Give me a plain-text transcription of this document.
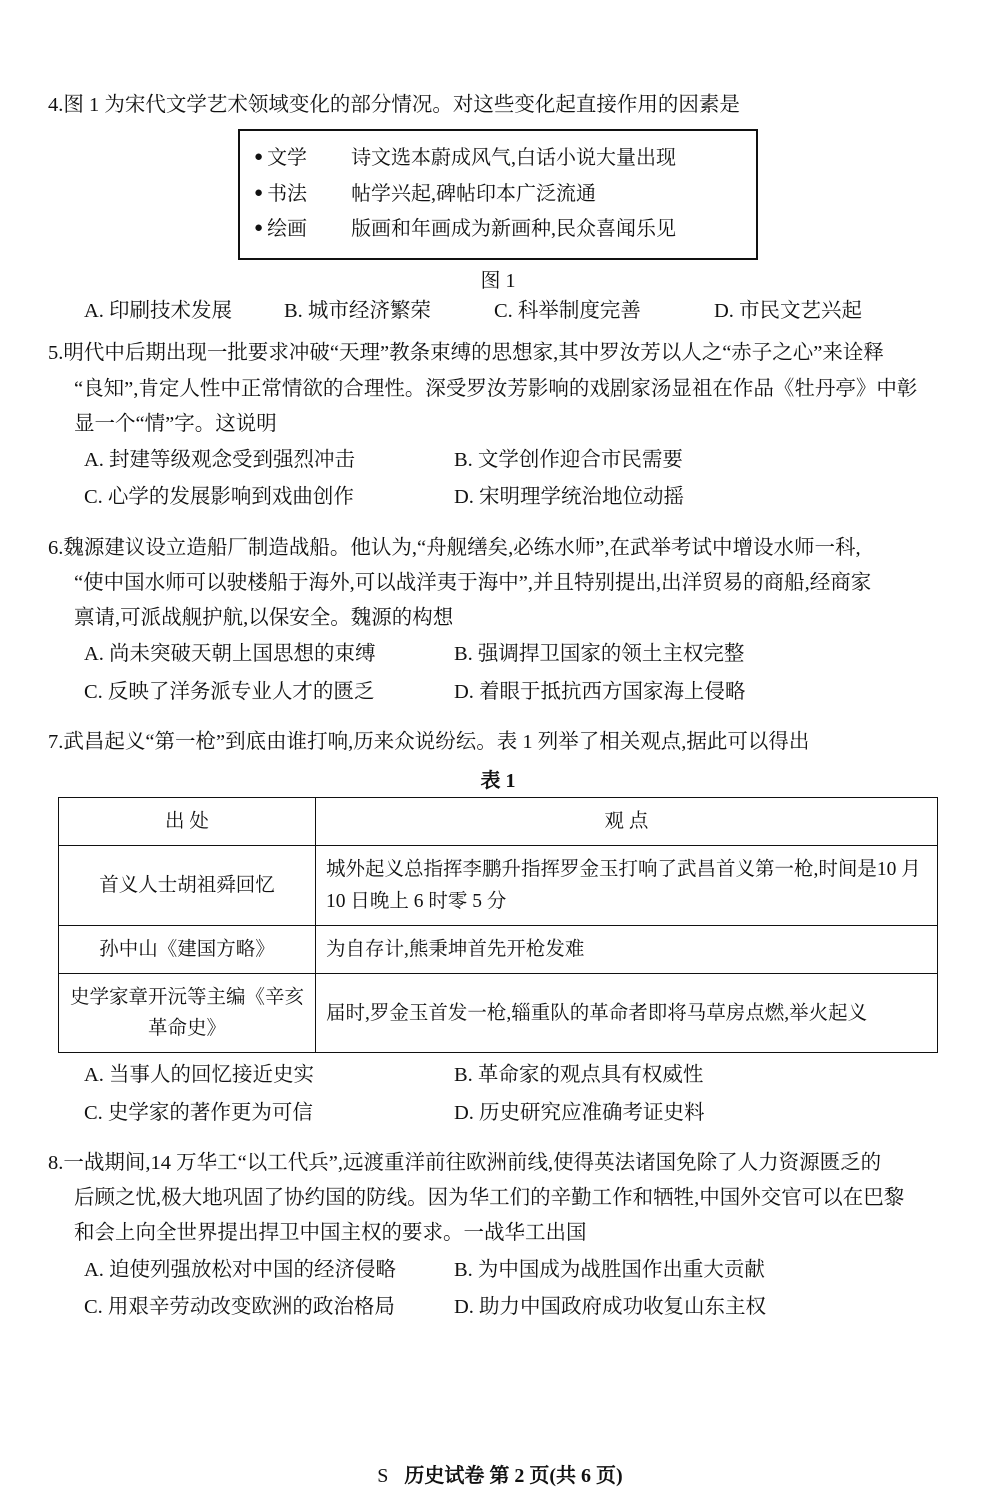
4.图 1 为宋代文学艺术领域变化的部分情况。对这些变化起直接作用的因素是
● 文学	诗文选本蔚成风气,白话小说大量出现
● 书法	帖学兴起,碑帖印本广泛流通
● 绘画	版画和年画成为新画种,民众喜闻乐见
图 1
A. 印刷技术发展	B. 城市经济繁荣	C. 科举制度完善	D. 市民文艺兴起
5.明代中后期出现一批要求冲破“天理”教条束缚的思想家,其中罗汝芳以人之“赤子之心”来诠释
“良知”,肯定人性中正常情欲的合理性。深受罗汝芳影响的戏剧家汤显祖在作品《牡丹亭》中彰
显一个“情”字。这说明
A. 封建等级观念受到强烈冲击	B. 文学创作迎合市民需要
C. 心学的发展影响到戏曲创作	D. 宋明理学统治地位动摇
6.魏源建议设立造船厂制造战船。他认为,“舟舰缮矣,必练水师”,在武举考试中增设水师一科,
“使中国水师可以驶楼船于海外,可以战洋夷于海中”,并且特别提出,出洋贸易的商船,经商家
禀请,可派战舰护航,以保安全。魏源的构想
A. 尚未突破天朝上国思想的束缚	B. 强调捍卫国家的领土主权完整
C. 反映了洋务派专业人才的匮乏	D. 着眼于抵抗西方国家海上侵略
7.武昌起义“第一枪”到底由谁打响,历来众说纷纭。表 1 列举了相关观点,据此可以得出
表 1
出 处	观 点
首义人士胡祖舜回忆	城外起义总指挥李鹏升指挥罗金玉打响了武昌首义第一枪,时间是10 月 10 日晚上 6 时零 5 分
孙中山《建国方略》	为自存计,熊秉坤首先开枪发难
史学家章开沅等主编《辛亥革命史》	届时,罗金玉首发一枪,辎重队的革命者即将马草房点燃,举火起义
A. 当事人的回忆接近史实	B. 革命家的观点具有权威性
C. 史学家的著作更为可信	D. 历史研究应准确考证史料
8.一战期间,14 万华工“以工代兵”,远渡重洋前往欧洲前线,使得英法诸国免除了人力资源匮乏的
后顾之忧,极大地巩固了协约国的防线。因为华工们的辛勤工作和牺牲,中国外交官可以在巴黎
和会上向全世界提出捍卫中国主权的要求。一战华工出国
A. 迫使列强放松对中国的经济侵略	B. 为中国成为战胜国作出重大贡献
C. 用艰辛劳动改变欧洲的政治格局	D. 助力中国政府成功收复山东主权
S 历史试卷 第 2 页(共 6 页)
